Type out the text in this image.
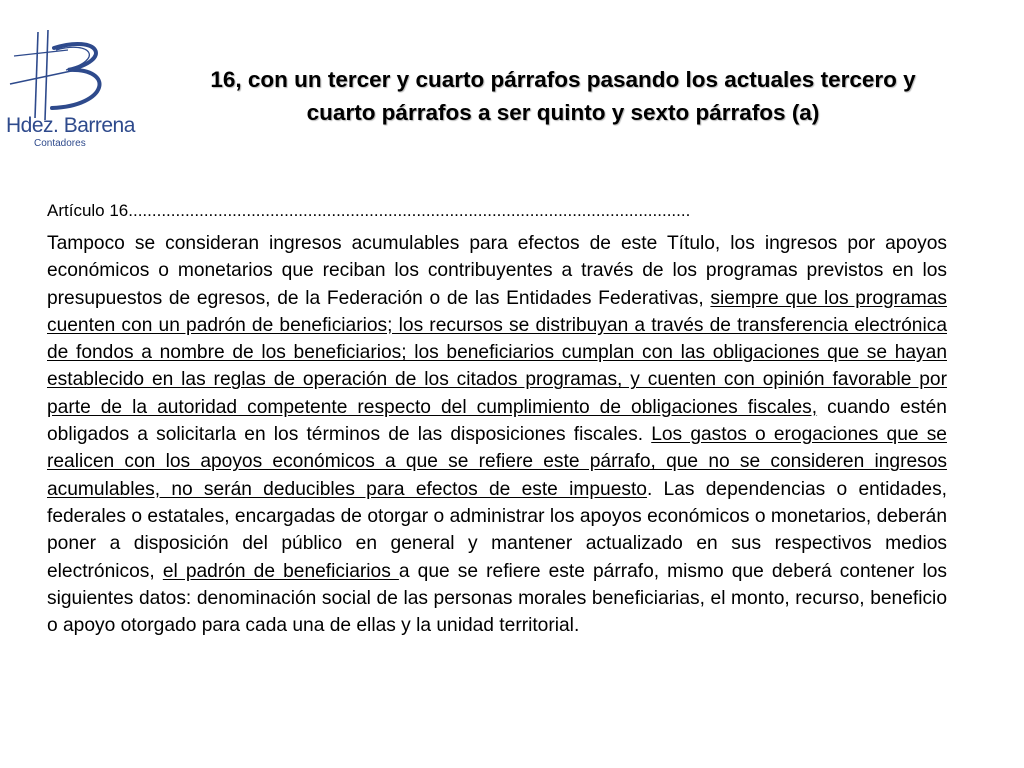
Hdez. Barrena
Contadores
16, con un tercer y cuarto párrafos pasando los actuales tercero y
cuarto párrafos a ser quinto y sexto párrafos (a)
Artículo 16.......................................................................................................................

Tampoco se consideran ingresos acumulables para efectos de este Título, los ingresos por apoyos económicos o monetarios que reciban los contribuyentes a través de los programas previstos en los presupuestos de egresos, de la Federación o de las Entidades Federativas, siempre que los programas cuenten con un padrón de beneficiarios; los recursos se distribuyan a través de transferencia electrónica de fondos a nombre de los beneficiarios; los beneficiarios cumplan con las obligaciones que se hayan establecido en las reglas de operación de los citados programas, y cuenten con opinión favorable por parte de la autoridad competente respecto del cumplimiento de obligaciones fiscales, cuando estén obligados a solicitarla en los términos de las disposiciones fiscales. Los gastos o erogaciones que se realicen con los apoyos económicos a que se refiere este párrafo, que no se consideren ingresos acumulables, no serán deducibles para efectos de este impuesto. Las dependencias o entidades, federales o estatales, encargadas de otorgar o administrar los apoyos económicos o monetarios, deberán poner a disposición del público en general y mantener actualizado en sus respectivos medios electrónicos, el padrón de beneficiarios a que se refiere este párrafo, mismo que deberá contener los siguientes datos: denominación social de las personas morales beneficiarias, el monto, recurso, beneficio o apoyo otorgado para cada una de ellas y la unidad territorial.
